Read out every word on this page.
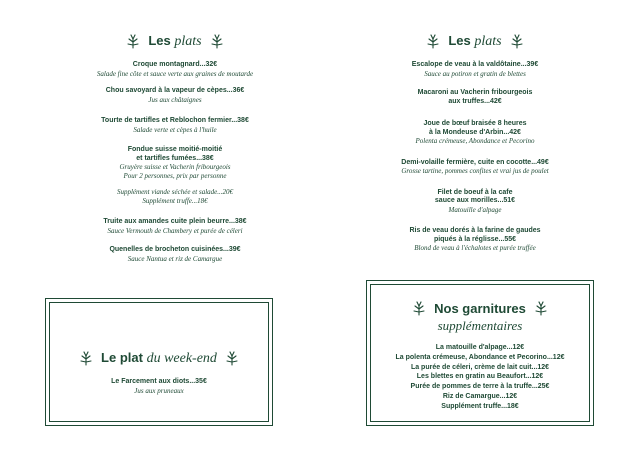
Les plats
Croque montagnard...32€
Salade fine côte et sauce verte aux graines de moutarde
Chou savoyard à la vapeur de cèpes...36€
Jus aux châtaignes
Tourte de tartifles et Reblochon fermier...38€
Salade verte et cèpes à l'huile
Fondue suisse moitié-moitié
et tartifles fumées...38€
Gruyère suisse et Vacherin fribourgeois
Pour 2 personnes, prix par personne
Supplément viande séchée et salade...20€
Supplément truffe...18€
Truite aux amandes cuite plein beurre...38€
Sauce Vermouth de Chambery et purée de céleri
Quenelles de brocheton cuisinées...39€
Sauce Nantua et riz de Camargue
Le plat du week-end
Le Farcement aux diots...35€
Jus aux pruneaux
Les plats
Escalope de veau à la valdôtaine...39€
Sauce au potiron et gratin de blettes
Macaroni au Vacherin fribourgeois
aux truffes...42€
Joue de bœuf braisée 8 heures
à la Mondeuse d'Arbin...42€
Polenta crémeuse, Abondance et Pecorino
Demi-volaille fermière, cuite en cocotte...49€
Grosse tartine, pommes confites et vrai jus de poulet
Filet de boeuf à la cafe
sauce aux morilles...51€
Matouille d'alpage
Ris de veau dorés à la farine de gaudes
piqués à la réglisse...55€
Blond de veau à l'échalotes et purée truffée
Nos garnitures
supplémentaires
La matouille d'alpage...12€
La polenta crémeuse, Abondance et Pecorino...12€
La purée de céleri, crème de lait cuit...12€
Les blettes en gratin au Beaufort...12€
Purée de pommes de terre à la truffe...25€
Riz de Camargue...12€
Supplément truffe...18€
